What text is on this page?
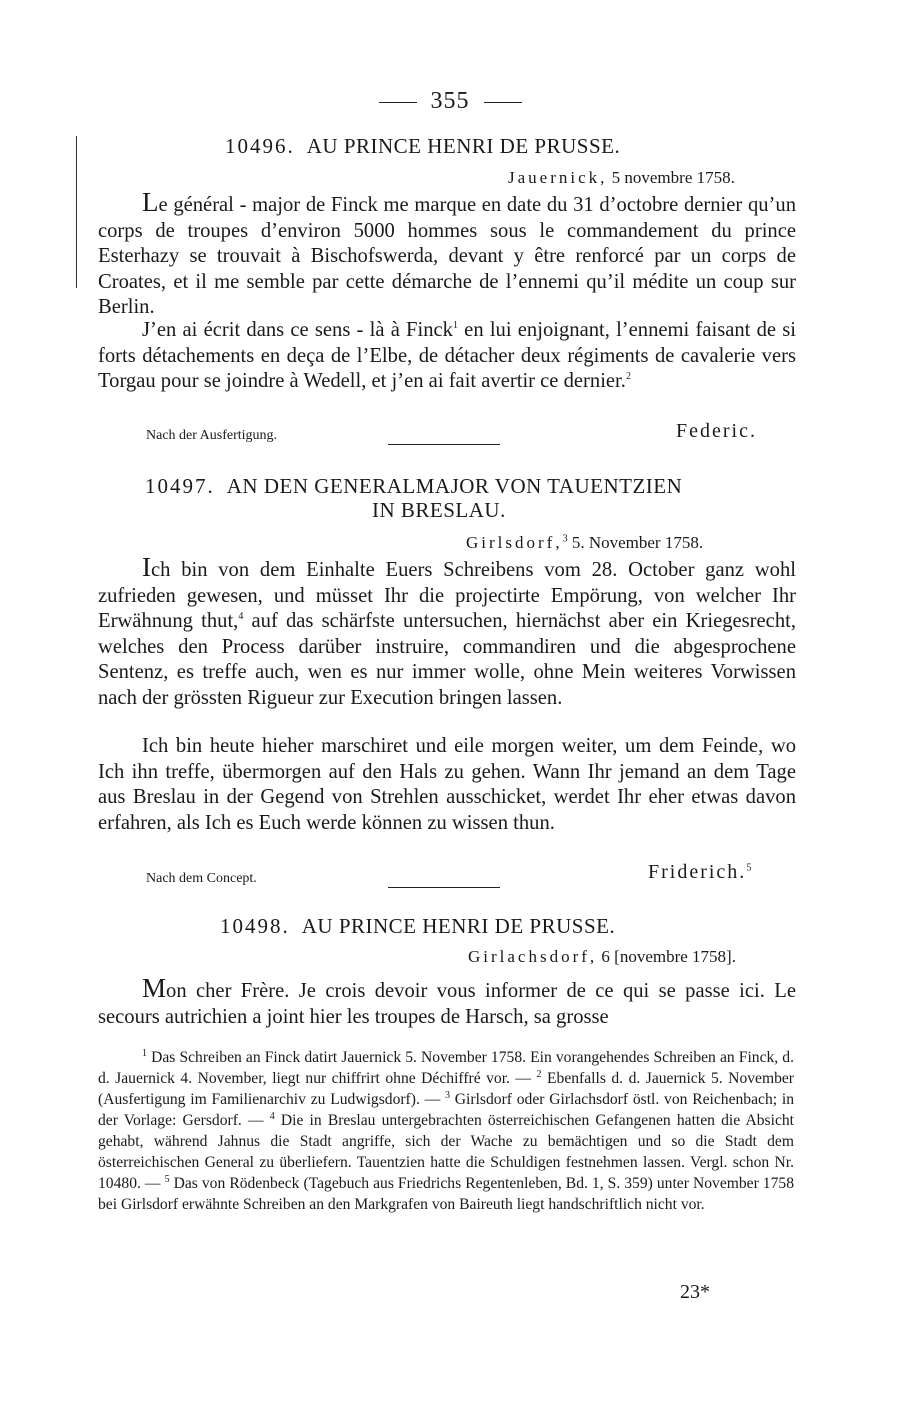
355
10496. AU PRINCE HENRI DE PRUSSE.
Jauernick, 5 novembre 1758.

Le général - major de Finck me marque en date du 31 d’octobre dernier qu’un corps de troupes d’environ 5000 hommes sous le commandement du prince Esterhazy se trouvait à Bischofswerda, devant y être renforcé par un corps de Croates, et il me semble par cette démarche de l’ennemi qu’il médite un coup sur Berlin.

J’en ai écrit dans ce sens - là à Finck$^1$ en lui enjoignant, l’ennemi faisant de si forts détachements en deça de l’Elbe, de détacher deux régiments de cavalerie vers Torgau pour se joindre à Wedell, et j’en ai fait avertir ce dernier.$^2$

Nach der Ausfertigung.	Federic.
10497. AN DEN GENERALMAJOR VON TAUENTZIEN
IN BRESLAU.
Girlsdorf,$^3$ 5. November 1758.

Ich bin von dem Einhalte Euers Schreibens vom 28. October ganz wohl zufrieden gewesen, und müsset Ihr die projectirte Empörung, von welcher Ihr Erwähnung thut,$^4$ auf das schärfste untersuchen, hiernächst aber ein Kriegesrecht, welches den Process darüber instruire, commandiren und die abgesprochene Sentenz, es treffe auch, wen es nur immer wolle, ohne Mein weiteres Vorwissen nach der grössten Rigueur zur Execution bringen lassen.

Ich bin heute hieher marschiret und eile morgen weiter, um dem Feinde, wo Ich ihn treffe, übermorgen auf den Hals zu gehen. Wann Ihr jemand an dem Tage aus Breslau in der Gegend von Strehlen ausschicket, werdet Ihr eher etwas davon erfahren, als Ich es Euch werde können zu wissen thun.

Nach dem Concept.	Friderich.$^5$
10498. AU PRINCE HENRI DE PRUSSE.
Girlachsdorf, 6 [novembre 1758].

Mon cher Frère. Je crois devoir vous informer de ce qui se passe ici. Le secours autrichien a joint hier les troupes de Harsch, sa grosse

$^1$ Das Schreiben an Finck datirt Jauernick 5. November 1758. Ein vorangehendes Schreiben an Finck, d. d. Jauernick 4. November, liegt nur chiffrirt ohne Déchiffré vor. — $^2$ Ebenfalls d. d. Jauernick 5. November (Ausfertigung im Familienarchiv zu Ludwigsdorf). — $^3$ Girlsdorf oder Girlachsdorf östl. von Reichenbach; in der Vorlage: Gersdorf. — $^4$ Die in Breslau untergebrachten österreichischen Gefangenen hatten die Absicht gehabt, während Jahnus die Stadt angriffe, sich der Wache zu bemächtigen und so die Stadt dem österreichischen General zu überliefern. Tauentzien hatte die Schuldigen festnehmen lassen. Vergl. schon Nr. 10480. — $^5$ Das von Rödenbeck (Tagebuch aus Friedrichs Regentenleben, Bd. 1, S. 359) unter November 1758 bei Girlsdorf erwähnte Schreiben an den Markgrafen von Baireuth liegt handschriftlich nicht vor.

23*
